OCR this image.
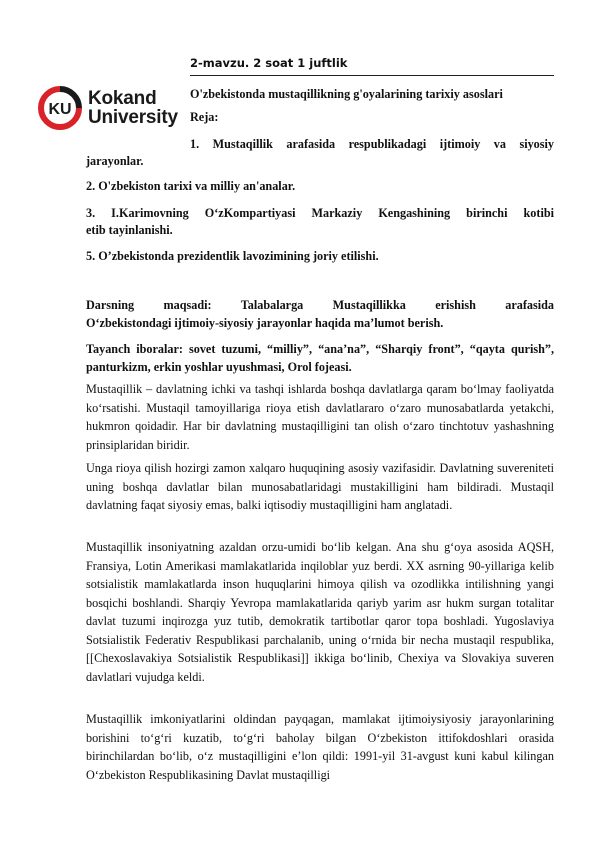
KU
Kokand
University
2-mavzu. 2 soat 1 juftlik
O'zbekistonda mustaqillikning g'oyalarining tarixiy asoslari
Reja:
1. Mustaqillik arafasida respublikadagi ijtimoiy va siyosiy
jarayonlar.
2. O'zbekiston tarixi va milliy an'analar.
3. I.Karimovning O‘zKompartiyasi Markaziy Kengashining birinchi kotibi
etib tayinlanishi.
5. O’zbekistonda prezidentlik lavozimining joriy etilishi.
Darsning maqsadi: Talabalarga Mustaqillikka erishish arafasida
O‘zbekistondagi ijtimoiy-siyosiy jarayonlar haqida ma’lumot berish.
Tayanch iboralar: sovet tuzumi, “milliy”, “ana’na”, “Sharqiy front”, “qayta qurish”, panturkizm, erkin yoshlar uyushmasi, Orol fojeasi.
Mustaqillik – davlatning ichki va tashqi ishlarda boshqa davlatlarga qaram bo‘lmay faoliyatda ko‘rsatishi. Mustaqil tamoyillariga rioya etish davlatlararo o‘zaro munosabatlarda yetakchi, hukmron qoidadir. Har bir davlatning mustaqilligini tan olish o‘zaro tinchtotuv yashashning prinsiplaridan biridir.
Unga rioya qilish hozirgi zamon xalqaro huquqining asosiy vazifasidir. Davlatning suvereniteti uning boshqa davlatlar bilan munosabatlaridagi mustakilligini ham bildiradi. Mustaqil davlatning faqat siyosiy emas, balki iqtisodiy mustaqilligini ham anglatadi.
Mustaqillik insoniyatning azaldan orzu-umidi bo‘lib kelgan. Ana shu g‘oya asosida AQSH, Fransiya, Lotin Amerikasi mamlakatlarida inqiloblar yuz berdi. XX asrning 90-yillariga kelib sotsialistik mamlakatlarda inson huquqlarini himoya qilish va ozodlikka intilishning yangi bosqichi boshlandi. Sharqiy Yevropa mamlakatlarida qariyb yarim asr hukm surgan totalitar davlat tuzumi inqirozga yuz tutib, demokratik tartibotlar qaror topa boshladi. Yugoslaviya Sotsialistik Federativ Respublikasi parchalanib, uning o‘rnida bir necha mustaqil respublika, [[Chexoslavakiya Sotsialistik Respublikasi]] ikkiga bo‘linib, Chexiya va Slovakiya suveren davlatlari vujudga keldi.
Mustaqillik imkoniyatlarini oldindan payqagan, mamlakat ijtimoiysiyosiy jarayonlarining borishini to‘g‘ri kuzatib, to‘g‘ri baholay bilgan O‘zbekiston ittifokdoshlari orasida birinchilardan bo‘lib, o‘z mustaqilligini e’lon qildi: 1991-yil 31-avgust kuni kabul kilingan O‘zbekiston Respublikasining Davlat mustaqilligi
